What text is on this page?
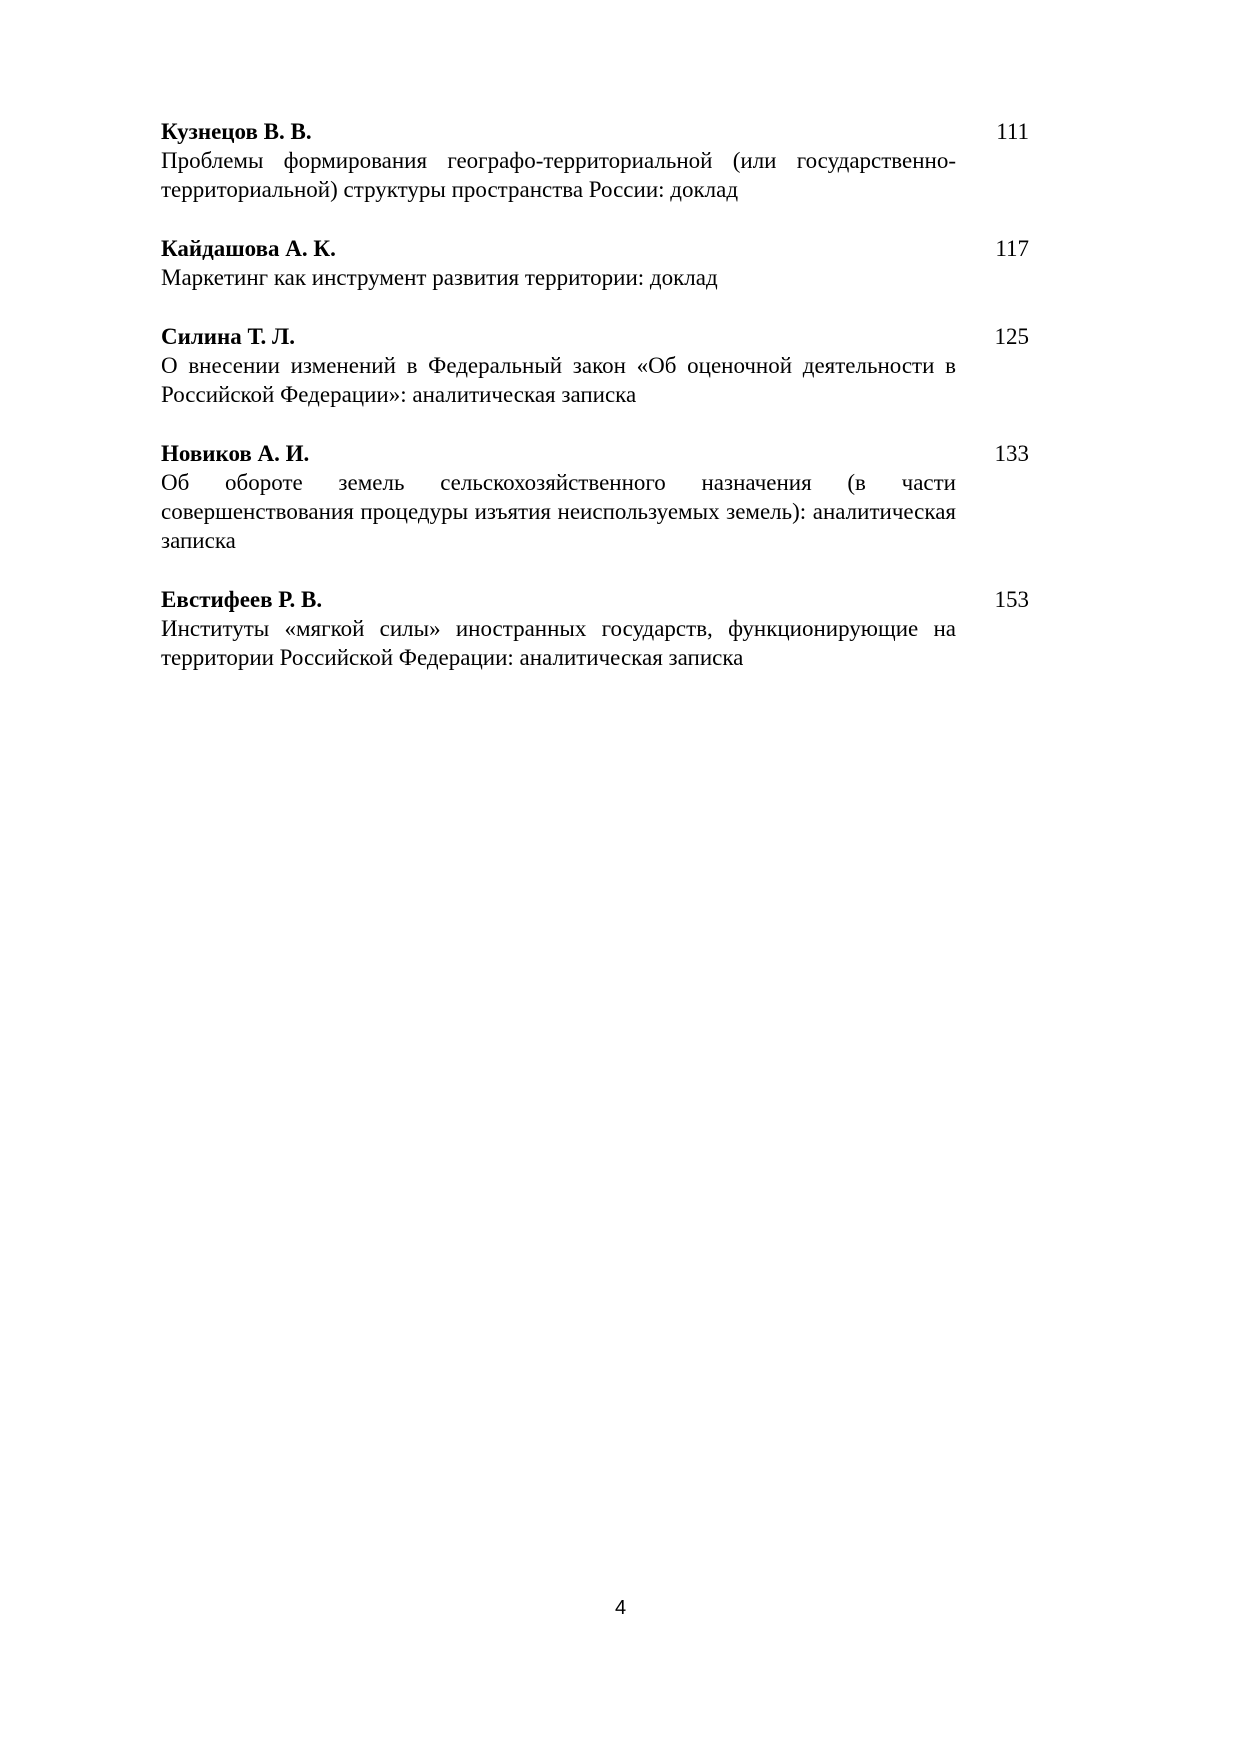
Кузнецов В. В.
Проблемы формирования географо-территориальной (или государственно-территориальной) структуры пространства России: доклад
111
Кайдашова А. К.
Маркетинг как инструмент развития территории: доклад
117
Силина Т. Л.
О внесении изменений в Федеральный закон «Об оценочной деятельности в Российской Федерации»: аналитическая записка
125
Новиков А. И.
Об обороте земель сельскохозяйственного назначения (в части совершенствования процедуры изъятия неиспользуемых земель): аналитическая записка
133
Евстифеев Р. В.
Институты «мягкой силы» иностранных государств, функционирующие на территории Российской Федерации: аналитическая записка
153
4
